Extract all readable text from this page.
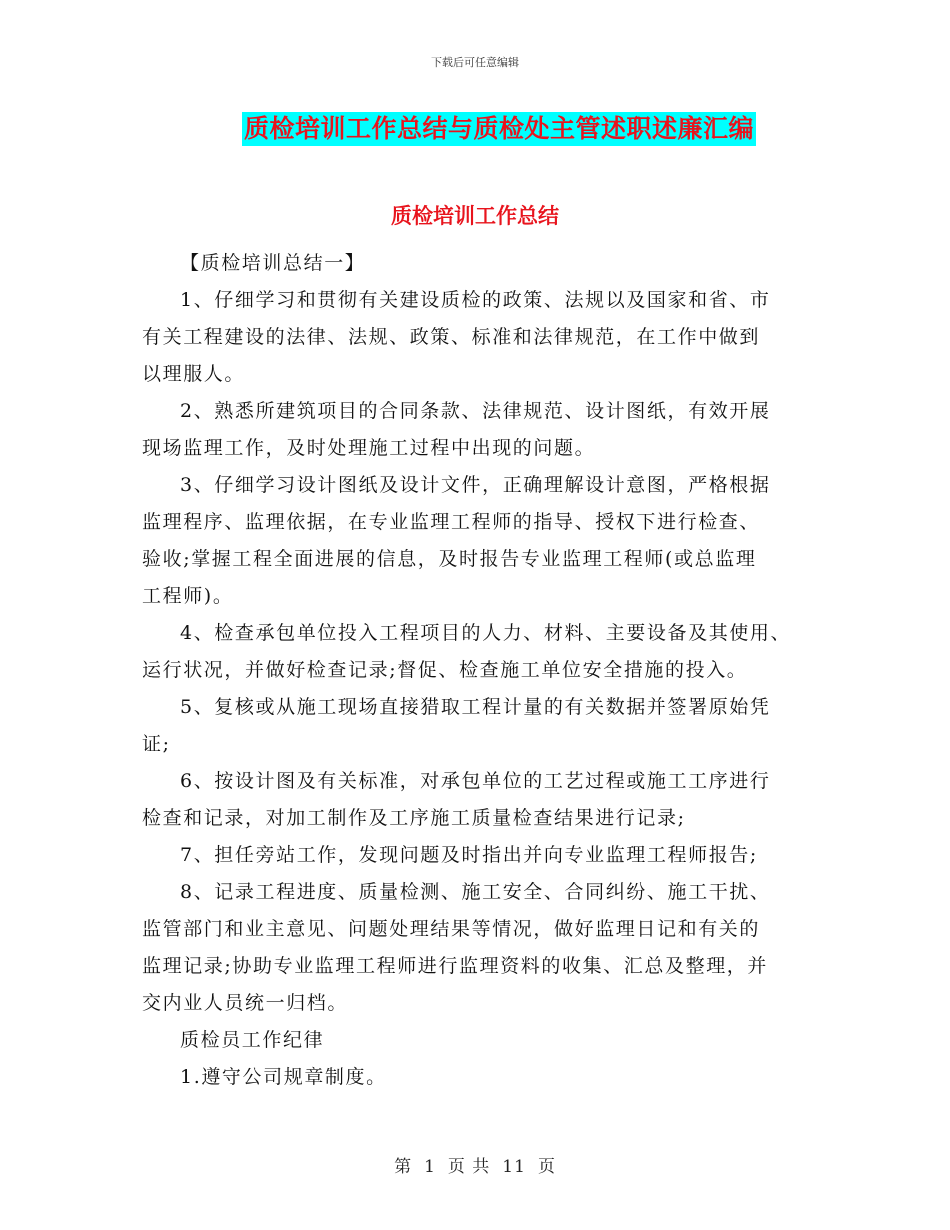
下载后可任意编辑
质检培训工作总结与质检处主管述职述廉汇编
质检培训工作总结

【质检培训总结一】

1、仔细学习和贯彻有关建设质检的政策、法规以及国家和省、市

有关工程建设的法律、法规、政策、标准和法律规范，在工作中做到

以理服人。

2、熟悉所建筑项目的合同条款、法律规范、设计图纸，有效开展

现场监理工作，及时处理施工过程中出现的问题。

3、仔细学习设计图纸及设计文件，正确理解设计意图，严格根据

监理程序、监理依据，在专业监理工程师的指导、授权下进行检查、

验收;掌握工程全面进展的信息，及时报告专业监理工程师(或总监理

工程师)。

4、检查承包单位投入工程项目的人力、材料、主要设备及其使用、

运行状况，并做好检查记录;督促、检查施工单位安全措施的投入。

5、复核或从施工现场直接猎取工程计量的有关数据并签署原始凭

证;

6、按设计图及有关标准，对承包单位的工艺过程或施工工序进行

检查和记录，对加工制作及工序施工质量检查结果进行记录;

7、担任旁站工作，发现问题及时指出并向专业监理工程师报告;

8、记录工程进度、质量检测、施工安全、合同纠纷、施工干扰、

监管部门和业主意见、问题处理结果等情况，做好监理日记和有关的

监理记录;协助专业监理工程师进行监理资料的收集、汇总及整理，并

交内业人员统一归档。

质检员工作纪律

1.遵守公司规章制度。

第 1 页 共 11 页
